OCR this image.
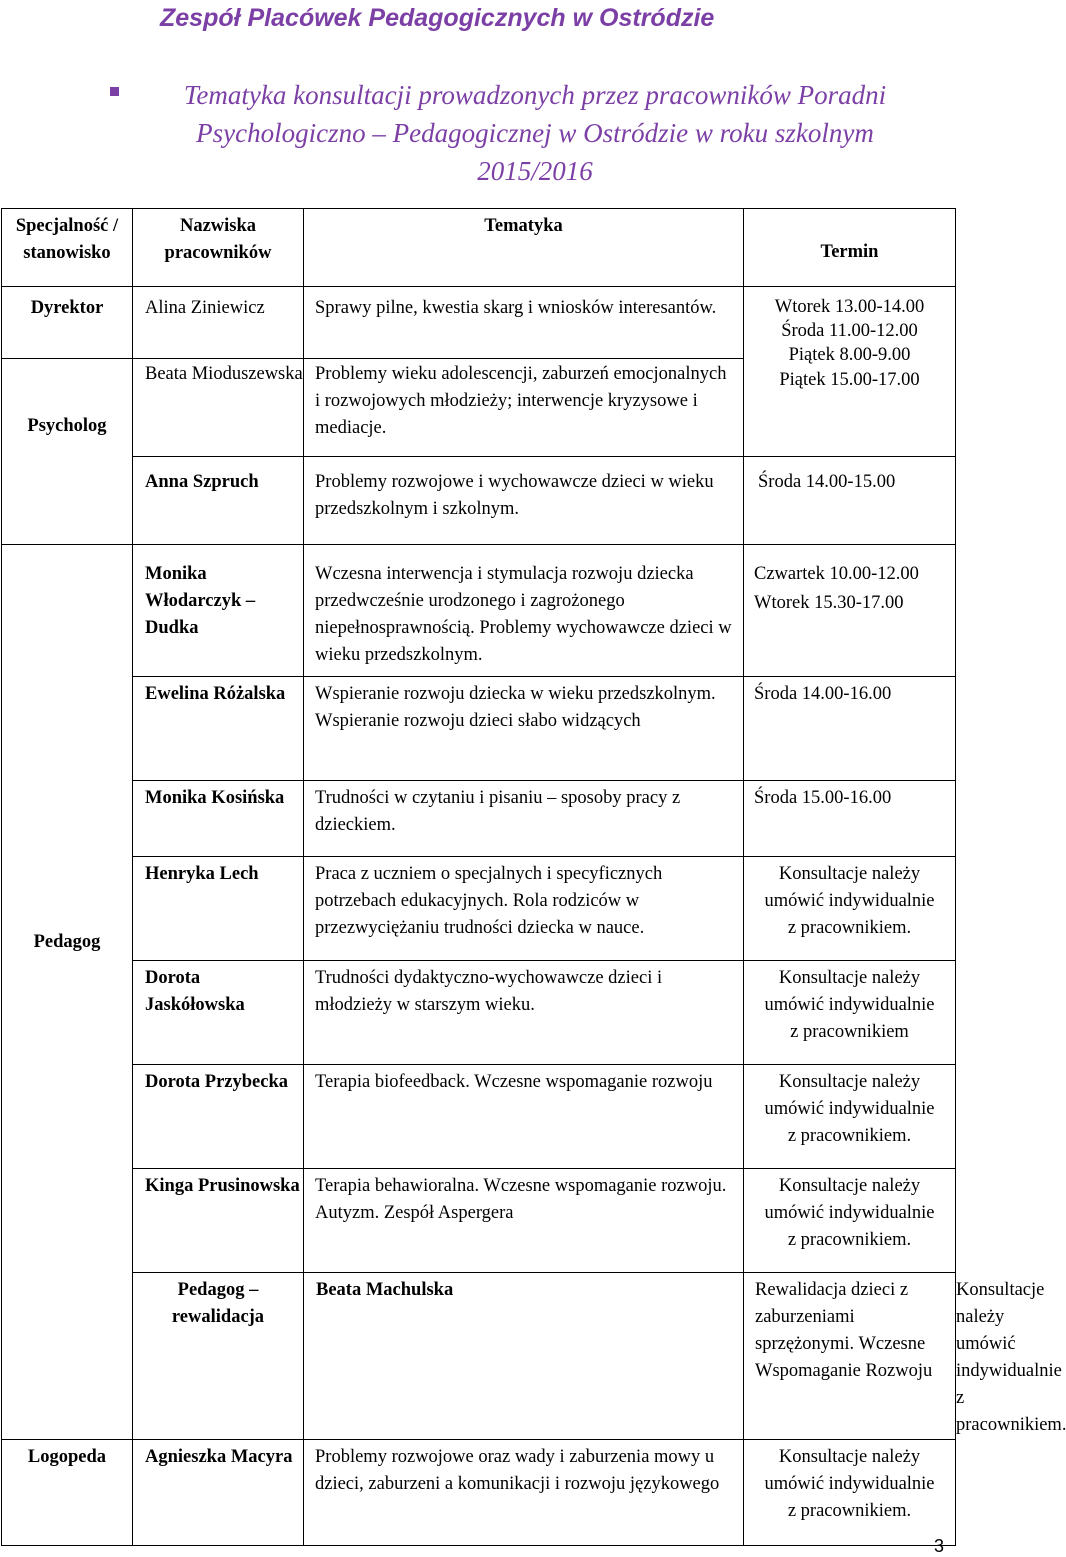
Zespół Placówek Pedagogicznych w Ostródzie

Tematyka konsultacji prowadzonych przez pracowników Poradni
Psychologiczno – Pedagogicznej w Ostródzie w roku szkolnym
2015/2016

Specjalność / stanowisko	Nazwiska pracowników	Tematyka	Termin	
Dyrektor	Alina Ziniewicz	Sprawy pilne, kwestia skarg i wniosków interesantów.	Wtorek 13.00-14.00
Środa 11.00-12.00
Piątek 8.00-9.00
Piątek 15.00-17.00	

Psycholog	Beata Mioduszewska	Problemy wieku adolescencji, zaburzeń emocjonalnych i rozwojowych młodzieży; interwencje kryzysowe i mediacje.		
	Anna Szpruch	Problemy rozwojowe i wychowawcze dzieci w wieku przedszkolnym i szkolnym.	Środa 14.00-15.00	
Pedagog	Monika Włodarczyk – Dudka	Wczesna interwencja i stymulacja rozwoju dziecka przedwcześnie urodzonego i zagrożonego niepełnosprawnością. Problemy wychowawcze dzieci w wieku przedszkolnym.	Czwartek 10.00-12.00
Wtorek 15.30-17.00	

	Ewelina Różalska	Wspieranie rozwoju dziecka w wieku przedszkolnym. Wspieranie rozwoju dzieci słabo widzących	Środa 14.00-16.00	
	Monika Kosińska	Trudności w czytaniu i pisaniu – sposoby pracy z dzieckiem.	Środa 15.00-16.00	
	Henryka Lech	Praca z uczniem o specjalnych i specyficznych potrzebach edukacyjnych. Rola rodziców w przezwyciężaniu trudności dziecka w nauce.	Konsultacje należy
umówić indywidualnie
z pracownikiem.	

	Dorota Jaskółowska	Trudności dydaktyczno-wychowawcze dzieci i młodzieży w starszym wieku.	Konsultacje należy
umówić indywidualnie
z pracownikiem	

	Dorota Przybecka	Terapia biofeedback. Wczesne wspomaganie rozwoju	Konsultacje należy
umówić indywidualnie
z pracownikiem.	

	Kinga Prusinowska	Terapia behawioralna. Wczesne wspomaganie rozwoju. Autyzm. Zespół Aspergera	Konsultacje należy
umówić indywidualnie
z pracownikiem.	

	Pedagog – rewalidacja	Beata Machulska	Rewalidacja dzieci z zaburzeniami sprzężonymi. Wczesne Wspomaganie Rozwoju	Konsultacje należy
umówić indywidualnie
z pracownikiem.

Logopeda	Agnieszka Macyra	Problemy rozwojowe oraz wady i zaburzenia mowy u dzieci, zaburzeni a komunikacji i rozwoju językowego	Konsultacje należy
umówić indywidualnie
z pracownikiem.	
3
